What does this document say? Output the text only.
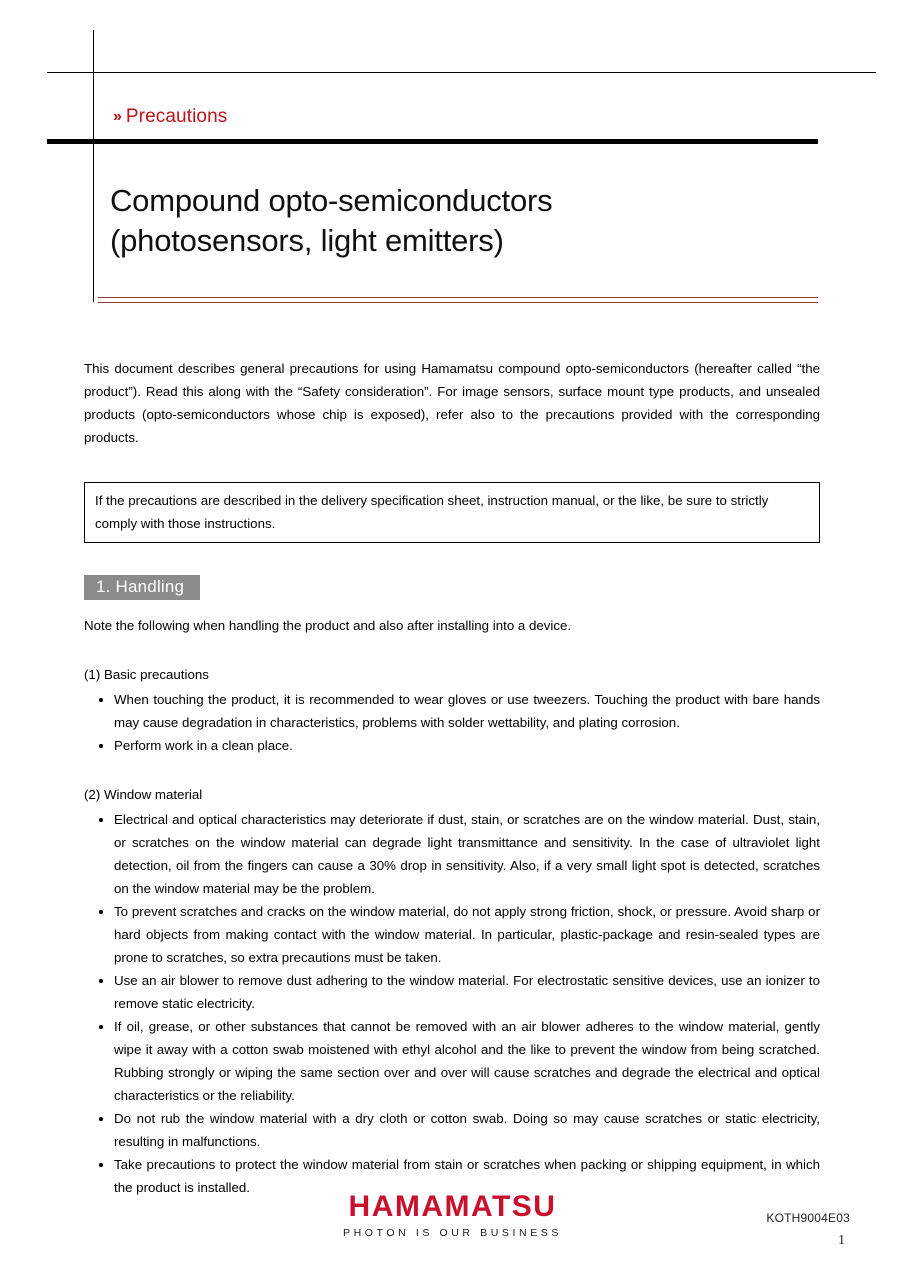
» Precautions
Compound opto-semiconductors
(photosensors, light emitters)

This document describes general precautions for using Hamamatsu compound opto-semiconductors (hereafter called “the product”). Read this along with the “Safety consideration”. For image sensors, surface mount type products, and unsealed products (opto-semiconductors whose chip is exposed), refer also to the precautions provided with the corresponding products.

If the precautions are described in the delivery specification sheet, instruction manual, or the like, be sure to strictly comply with those instructions.
1. Handling

Note the following when handling the product and also after installing into a device.

(1) Basic precautions

When touching the product, it is recommended to wear gloves or use tweezers. Touching the product with bare hands may cause degradation in characteristics, problems with solder wettability, and plating corrosion.
Perform work in a clean place.

(2) Window material

Electrical and optical characteristics may deteriorate if dust, stain, or scratches are on the window material. Dust, stain, or scratches on the window material can degrade light transmittance and sensitivity. In the case of ultraviolet light detection, oil from the fingers can cause a 30% drop in sensitivity. Also, if a very small light spot is detected, scratches on the window material may be the problem.
To prevent scratches and cracks on the window material, do not apply strong friction, shock, or pressure. Avoid sharp or hard objects from making contact with the window material. In particular, plastic-package and resin-sealed types are prone to scratches, so extra precautions must be taken.
Use an air blower to remove dust adhering to the window material. For electrostatic sensitive devices, use an ionizer to remove static electricity.
If oil, grease, or other substances that cannot be removed with an air blower adheres to the window material, gently wipe it away with a cotton swab moistened with ethyl alcohol and the like to prevent the window from being scratched. Rubbing strongly or wiping the same section over and over will cause scratches and degrade the electrical and optical characteristics or the reliability.
Do not rub the window material with a dry cloth or cotton swab. Doing so may cause scratches or static electricity, resulting in malfunctions.
Take precautions to protect the window material from stain or scratches when packing or shipping equipment, in which the product is installed.
HAMAMATSU
PHOTON IS OUR BUSINESS
KOTH9004E03
1
